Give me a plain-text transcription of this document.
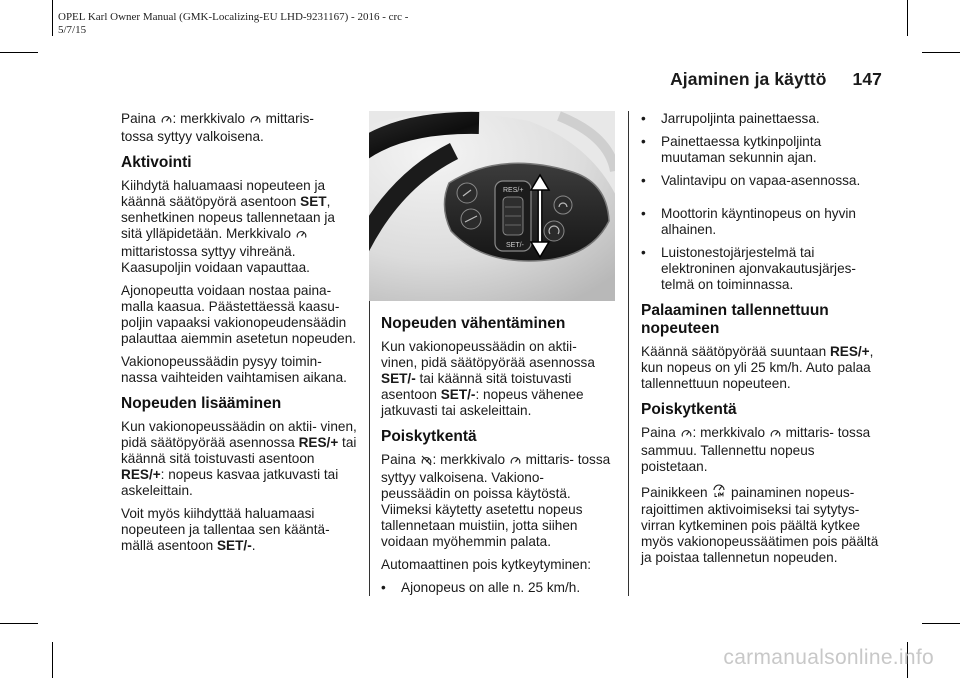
OPEL Karl Owner Manual (GMK-Localizing-EU LHD-9231167) - 2016 - crc -
5/7/15
Ajaminen ja käyttö 147

Paina : merkkivalo  mittaris-
tossa syttyy valkoisena.

Aktivointi

Kiihdytä haluamaasi nopeuteen ja käännä säätöpyörä asentoon SET, senhetkinen nopeus tallennetaan ja sitä ylläpidetään. Merkkivalo  mittaristossa syttyy vihreänä. Kaasupoljin voidaan vapauttaa.

Ajonopeutta voidaan nostaa paina- malla kaasua. Päästettäessä kaasu- poljin vapaaksi vakionopeudensäädin palauttaa aiemmin asetetun nopeuden.

Vakionopeussäädin pysyy toimin- nassa vaihteiden vaihtamisen aikana.

Nopeuden lisääminen

Kun vakionopeussäädin on aktii- vinen, pidä säätöpyörää asennossa RES/+ tai käännä sitä toistuvasti asentoon RES/+: nopeus kasvaa jatkuvasti tai askeleittain.

Voit myös kiihdyttää haluamaasi nopeuteen ja tallentaa sen kääntä- mällä asentoon SET/-.

RES/+
SET/-
Nopeuden vähentäminen

Kun vakionopeussäädin on aktii- vinen, pidä säätöpyörää asennossa SET/- tai käännä sitä toistuvasti asentoon SET/-: nopeus vähenee jatkuvasti tai askeleittain.

Poiskytkentä

Paina : merkkivalo  mittaris- tossa syttyy valkoisena. Vakiono- peussäädin on poissa käytöstä. Viimeksi käytetty asetettu nopeus tallennetaan muistiin, jotta siihen voidaan myöhemmin palata.

Automaattinen pois kytkeytyminen:

•	Ajonopeus on alle n. 25 km/h.
•	Jarrupoljinta painettaessa.
•	Painettaessa kytkinpoljinta muutaman sekunnin ajan.
•	Valintavipu on vapaa-asennossa.
•	Moottorin käyntinopeus on hyvin alhainen.
•	Luistonestojärjestelmä tai elektroninen ajonvakautusjärjes- telmä on toiminnassa.
Palaaminen tallennettuun nopeuteen

Käännä säätöpyörää suuntaan RES/+, kun nopeus on yli 25 km/h. Auto palaa tallennettuun nopeuteen.

Poiskytkentä

Paina : merkkivalo  mittaris- tossa sammuu. Tallennettu nopeus poistetaan.

Painikkeen  painaminen nopeus- rajoittimen aktivoimiseksi tai sytytys- virran kytkeminen pois päältä kytkee myös vakionopeussäätimen pois päältä ja poistaa tallennetun nopeuden.

carmanualsonline.info
